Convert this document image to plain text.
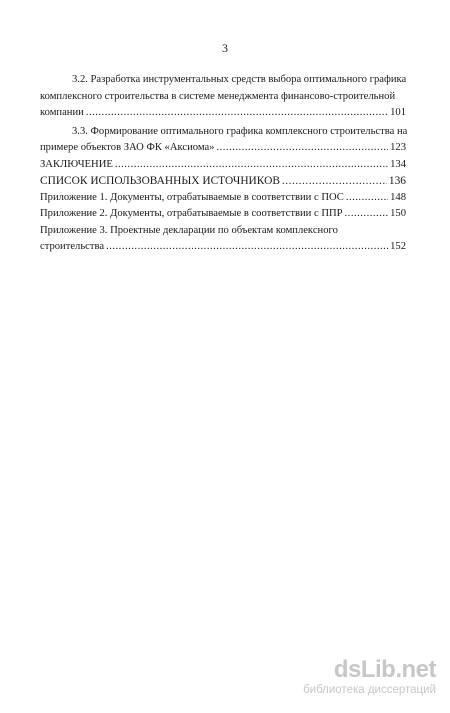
3
3.2. Разработка инструментальных средств выбора оптимального графика
комплексного строительства в системе менеджмента финансово-строительной
компании .....	101
3.3. Формирование оптимального графика комплексного строительства на
примере объектов ЗАО ФК «Аксиома» .....	123
ЗАКЛЮЧЕНИЕ .....	134
СПИСОК ИСПОЛЬЗОВАННЫХ ИСТОЧНИКОВ .....	136
Приложение 1. Документы, отрабатываемые в соответствии с ПОС .....	148
Приложение 2. Документы, отрабатываемые в соответствии с ППР .....	150
Приложение 3. Проектные декларации по объектам комплексного
строительства .....	152
dsLib.net
библиотека диссертаций
